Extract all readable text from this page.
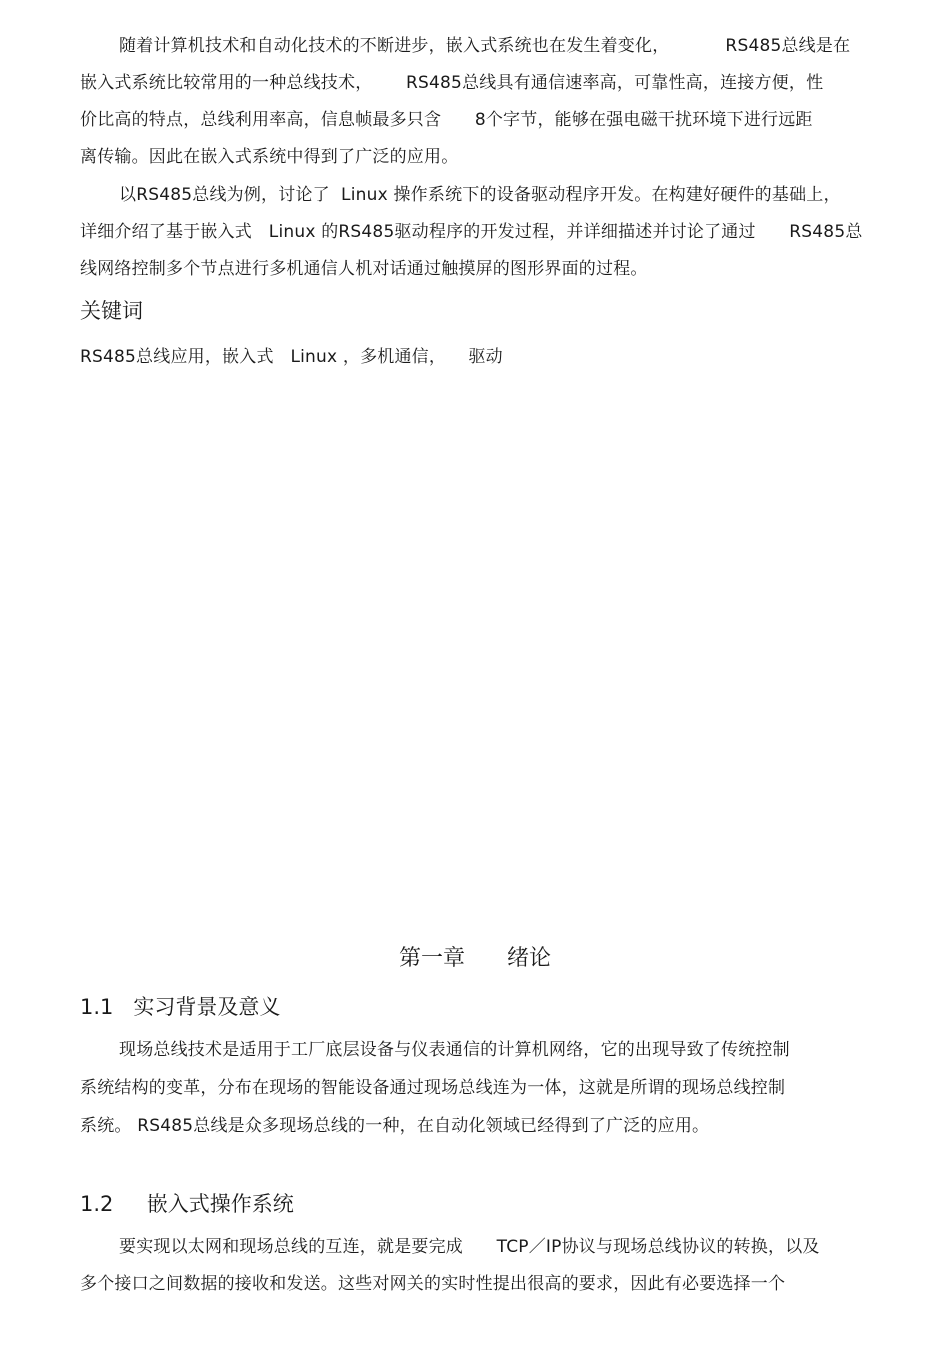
随着计算机技术和自动化技术的不断进步，嵌入式系统也在发生着变化，          RS485总线是在
嵌入式系统比较常用的一种总线技术，      RS485总线具有通信速率高，可靠性高，连接方便，性
价比高的特点，总线利用率高，信息帧最多只含      8个字节，能够在强电磁干扰环境下进行远距
离传输。因此在嵌入式系统中得到了广泛的应用。
以RS485总线为例，讨论了  Linux 操作系统下的设备驱动程序开发。在构建好硬件的基础上，
详细介绍了基于嵌入式   Linux 的RS485驱动程序的开发过程，并详细描述并讨论了通过      RS485总
线网络控制多个节点进行多机通信人机对话通过触摸屏的图形界面的过程。
关键词
RS485总线应用，嵌入式   Linux ，多机通信，    驱动
第一章      绪论
1.1   实习背景及意义
现场总线技术是适用于工厂底层设备与仪表通信的计算机网络，它的出现导致了传统控制
系统结构的变革，分布在现场的智能设备通过现场总线连为一体，这就是所谓的现场总线控制
系统。 RS485总线是众多现场总线的一种，在自动化领域已经得到了广泛的应用。
1.2     嵌入式操作系统
要实现以太网和现场总线的互连，就是要完成      TCP／IP协议与现场总线协议的转换，以及
多个接口之间数据的接收和发送。这些对网关的实时性提出很高的要求，因此有必要选择一个
